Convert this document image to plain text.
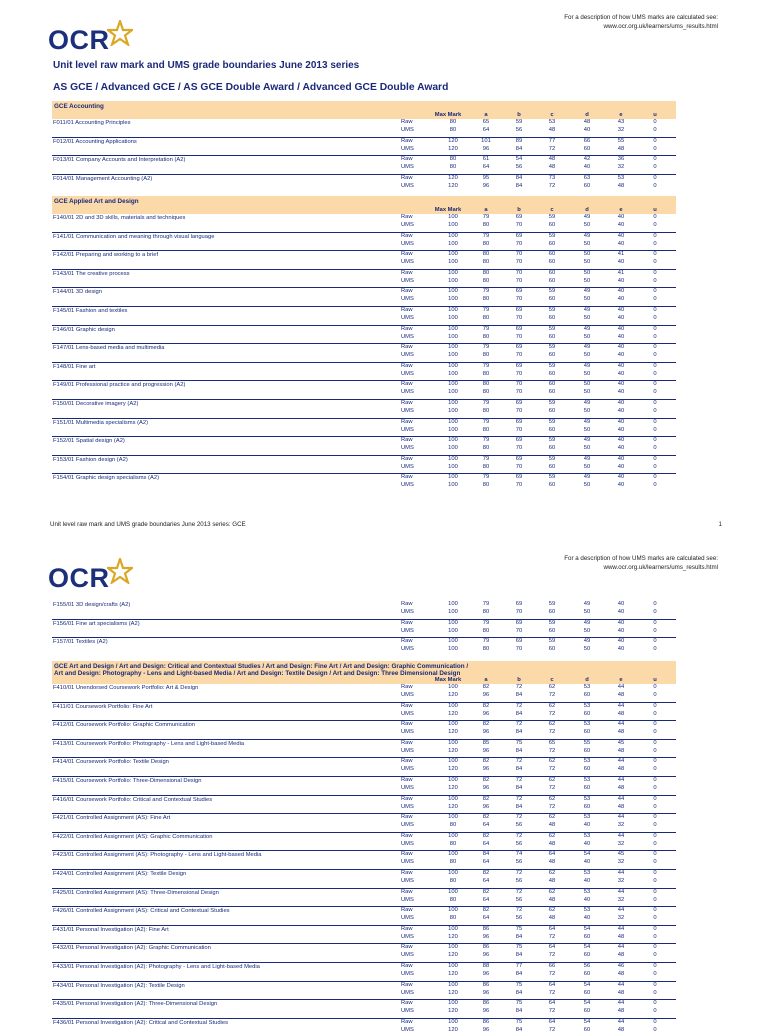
OCR
For a description of how UMS marks are calculated see:
www.ocr.org.uk/learners/ums_results.html
Unit level raw mark and UMS grade boundaries June 2013 series
AS GCE / Advanced GCE / AS GCE Double Award / Advanced GCE Double Award
GCE Accounting
Max Mark	a	b	c	d	e	u
F011/01 Accounting Principles	Raw	80	65	59	53	48	43	0
UMS	80	64	56	48	40	32	0
F012/01 Accounting Applications	Raw	120	101	89	77	66	55	0
UMS	120	96	84	72	60	48	0
F013/01 Company Accounts and Interpretation (A2)	Raw	80	61	54	48	42	36	0
UMS	80	64	56	48	40	32	0
F014/01 Management Accounting (A2)	Raw	120	95	84	73	63	53	0
UMS	120	96	84	72	60	48	0
GCE Applied Art and Design
Max Mark	a	b	c	d	e	u
F140/01 2D and 3D skills, materials and techniques	Raw	100	79	69	59	49	40	0
UMS	100	80	70	60	50	40	0
F141/01 Communication and meaning through visual language	Raw	100	79	69	59	49	40	0
UMS	100	80	70	60	50	40	0
F142/01 Preparing and working to a brief	Raw	100	80	70	60	50	41	0
UMS	100	80	70	60	50	40	0
F143/01 The creative process	Raw	100	80	70	60	50	41	0
UMS	100	80	70	60	50	40	0
F144/01 3D design	Raw	100	79	69	59	49	40	0
UMS	100	80	70	60	50	40	0
F145/01 Fashion and textiles	Raw	100	79	69	59	49	40	0
UMS	100	80	70	60	50	40	0
F146/01 Graphic design	Raw	100	79	69	59	49	40	0
UMS	100	80	70	60	50	40	0
F147/01 Lens-based media and multimedia	Raw	100	79	69	59	49	40	0
UMS	100	80	70	60	50	40	0
F148/01 Fine art	Raw	100	79	69	59	49	40	0
UMS	100	80	70	60	50	40	0
F149/01 Professional practice and progression (A2)	Raw	100	80	70	60	50	40	0
UMS	100	80	70	60	50	40	0
F150/01 Decorative imagery (A2)	Raw	100	79	69	59	49	40	0
UMS	100	80	70	60	50	40	0
F151/01 Multimedia specialisms (A2)	Raw	100	79	69	59	49	40	0
UMS	100	80	70	60	50	40	0
F152/01 Spatial design (A2)	Raw	100	79	69	59	49	40	0
UMS	100	80	70	60	50	40	0
F153/01 Fashion design (A2)	Raw	100	79	69	59	49	40	0
UMS	100	80	70	60	50	40	0
F154/01 Graphic design specialisms (A2)	Raw	100	79	69	59	49	40	0
UMS	100	80	70	60	50	40	0
Unit level raw mark and UMS grade boundaries June 2013 series: GCE	1
OCR
For a description of how UMS marks are calculated see:
www.ocr.org.uk/learners/ums_results.html
F155/01 3D design/crafts (A2)	Raw	100	79	69	59	49	40	0
UMS	100	80	70	60	50	40	0
F156/01 Fine art specialisms (A2)	Raw	100	79	69	59	49	40	0
UMS	100	80	70	60	50	40	0
F157/01 Textiles (A2)	Raw	100	79	69	59	49	40	0
UMS	100	80	70	60	50	40	0
GCE Art and Design / Art and Design: Critical and Contextual Studies / Art and Design: Fine Art / Art and Design: Graphic Communication /
Art and Design: Photography - Lens and Light-based Media / Art and Design: Textile Design / Art and Design: Three Dimensional Design
Max Mark	a	b	c	d	e	u
F410/01 Unendorsed Coursework Portfolio: Art & Design	Raw	100	82	72	62	53	44	0
UMS	120	96	84	72	60	48	0
F411/01 Coursework Portfolio: Fine Art	Raw	100	82	72	62	53	44	0
UMS	120	96	84	72	60	48	0
F412/01 Coursework Portfolio: Graphic Communication	Raw	100	82	72	62	53	44	0
UMS	120	96	84	72	60	48	0
F413/01 Coursework Portfolio: Photography - Lens and Light-based Media	Raw	100	85	75	65	55	45	0
UMS	120	96	84	72	60	48	0
F414/01 Coursework Portfolio: Textile Design	Raw	100	82	72	62	53	44	0
UMS	120	96	84	72	60	48	0
F415/01 Coursework Portfolio: Three-Dimensional Design	Raw	100	82	72	62	53	44	0
UMS	120	96	84	72	60	48	0
F416/01 Coursework Portfolio: Critical and Contextual Studies	Raw	100	82	72	62	53	44	0
UMS	120	96	84	72	60	48	0
F421/01 Controlled Assignment (AS): Fine Art	Raw	100	82	72	62	53	44	0
UMS	80	64	56	48	40	32	0
F422/01 Controlled Assignment (AS): Graphic Communication	Raw	100	82	72	62	53	44	0
UMS	80	64	56	48	40	32	0
F423/01 Controlled Assignment (AS): Photography - Lens and Light-based Media	Raw	100	84	74	64	54	45	0
UMS	80	64	56	48	40	32	0
F424/01 Controlled Assignment (AS): Textile Design	Raw	100	82	72	62	53	44	0
UMS	80	64	56	48	40	32	0
F425/01 Controlled Assignment (AS): Three-Dimensional Design	Raw	100	82	72	62	53	44	0
UMS	80	64	56	48	40	32	0
F426/01 Controlled Assignment (AS): Critical and Contextual Studies	Raw	100	82	72	62	53	44	0
UMS	80	64	56	48	40	32	0
F431/01 Personal Investigation (A2): Fine Art	Raw	100	86	75	64	54	44	0
UMS	120	96	84	72	60	48	0
F432/01 Personal Investigation (A2): Graphic Communication	Raw	100	86	75	64	54	44	0
UMS	120	96	84	72	60	48	0
F433/01 Personal Investigation (A2): Photography - Lens and Light-based Media	Raw	100	88	77	66	56	46	0
UMS	120	96	84	72	60	48	0
F434/01 Personal Investigation (A2): Textile Design	Raw	100	86	75	64	54	44	0
UMS	120	96	84	72	60	48	0
F435/01 Personal Investigation (A2): Three-Dimensional Design	Raw	100	86	75	64	54	44	0
UMS	120	96	84	72	60	48	0
F436/01 Personal Investigation (A2): Critical and Contextual Studies	Raw	100	86	75	64	54	44	0
UMS	120	96	84	72	60	48	0
